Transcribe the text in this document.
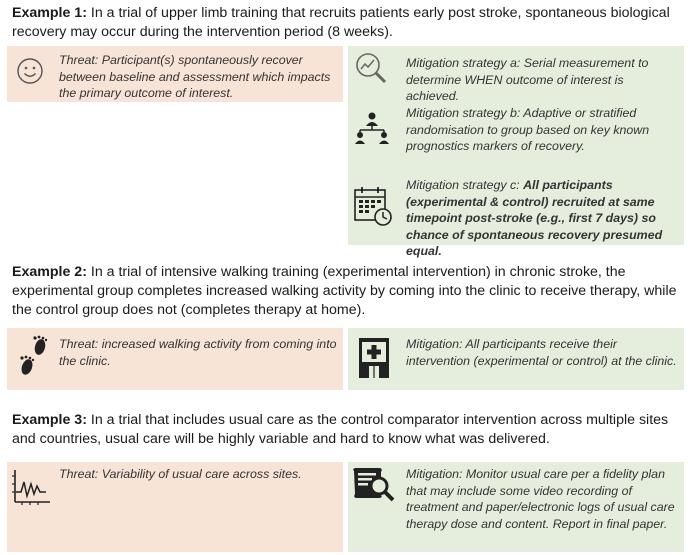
Example 1: In a trial of upper limb training that recruits patients early post stroke, spontaneous biological recovery may occur during the intervention period (8 weeks).
Threat: Participant(s) spontaneously recover between baseline and assessment which impacts the primary outcome of interest.
Mitigation strategy a: Serial measurement to determine WHEN outcome of interest is achieved.
Mitigation strategy b: Adaptive or stratified randomisation to group based on key known prognostics markers of recovery.
Mitigation strategy c: All participants (experimental & control) recruited at same timepoint post-stroke (e.g., first 7 days) so chance of spontaneous recovery presumed equal.
Example 2: In a trial of intensive walking training (experimental intervention) in chronic stroke, the experimental group completes increased walking activity by coming into the clinic to receive therapy, while the control group does not (completes therapy at home).
Threat: increased walking activity from coming into the clinic.
Mitigation: All participants receive their intervention (experimental or control) at the clinic.
Example 3: In a trial that includes usual care as the control comparator intervention across multiple sites and countries, usual care will be highly variable and hard to know what was delivered.
Threat: Variability of usual care across sites.	Mitigation: Monitor usual care per a fidelity plan that may include some video recording of treatment and paper/electronic logs of usual care therapy dose and content. Report in final paper.
